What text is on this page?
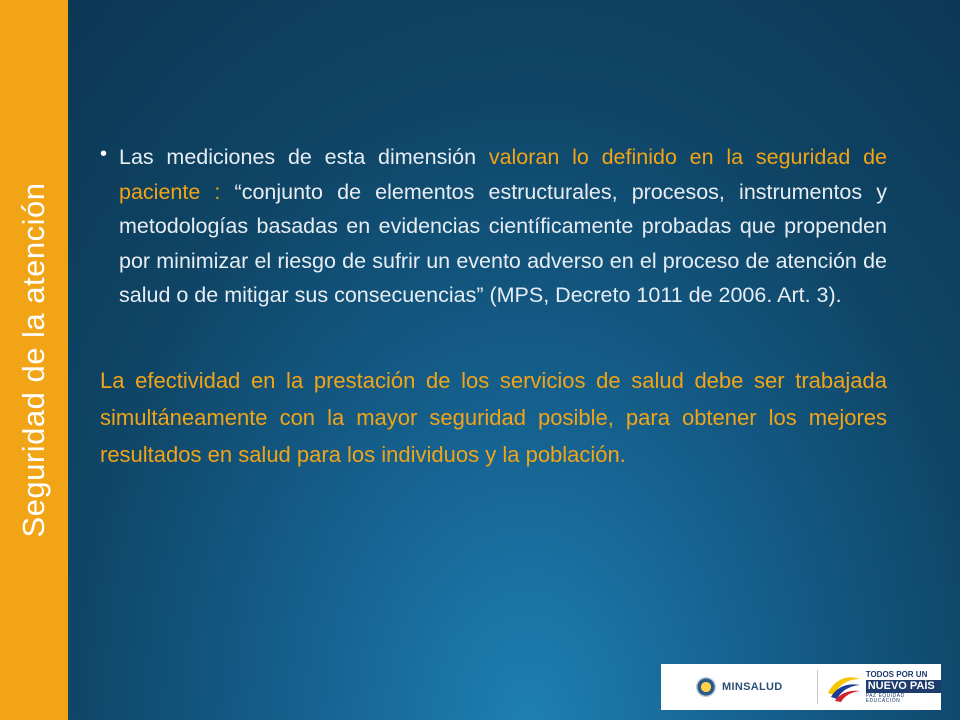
Seguridad de la atención
• Las mediciones de esta dimensión valoran lo definido en la seguridad de paciente : “conjunto de elementos estructurales, procesos, instrumentos y metodologías basadas en evidencias científicamente probadas que propenden por minimizar el riesgo de sufrir un evento adverso en el proceso de atención de salud o de mitigar sus consecuencias” (MPS, Decreto 1011 de 2006. Art. 3).

La efectividad en la prestación de los servicios de salud debe ser trabajada simultáneamente con la mayor seguridad posible, para obtener los mejores resultados en salud para los individuos y la población.

MINSALUD
TODOS POR UN
NUEVO PAÍS
PAZ EQUIDAD EDUCACIÓN
